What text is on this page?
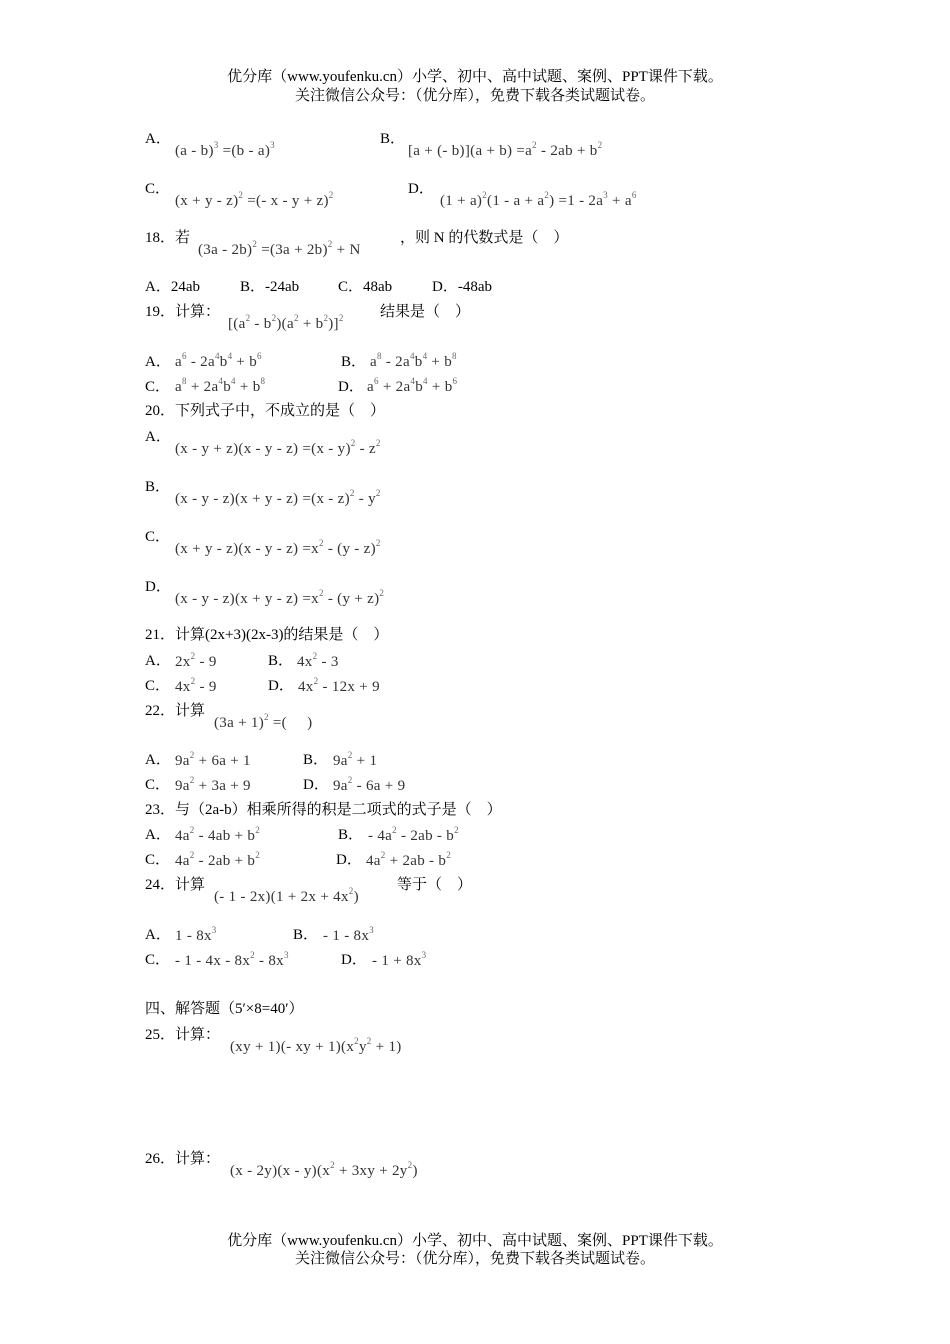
优分库（www.youfenku.cn）小学、初中、高中试题、案例、PPT课件下载。
关注微信公众号：（优分库），免费下载各类试题试卷。
A．
(a - b)$^3$ =(b - a)$^3$	B．
[a + (- $b)](a + b) =a^2 - 2ab + b^2$
C．
$(x + y - z)^2$ =(- x - y + z)$^2$	D．
$(1 + a)^2(1 - a + a^2) =1 - 2a^3 + a^6$
18．若
$(3a - 2b)^2 =(3a + 2b)^2 + N$
，则 N 的代数式是（　）
A．24ab	B．-24ab	C．48ab	D．-48ab
19．计算：
$[(a^2 - b^2)(a^2 + b^2)]^2$ 结果是（　）
A． $a^6 - 2a^4b^4 + b^6$	B． $a^8 - 2a^4b^4 + b^8$
C． $a^8 + 2a^4b^4 + b^8$	D． $a^6 + 2a^4b^4 + b^6$
20．下列式子中，不成立的是（　）
A．
$(x - y + z)(x - y - z) =(x - y)^2 - z^2$
B．
$(x - y - z)(x + y - z) =(x - z)^2 - y^2$
C．
$(x + y - z)(x - y - z) =x^2 - (y - z)^2$
D．
$(x - y - z)(x + y - z) =x^2 - (y + z)^2$
21．计算(2x+3)(2x-3)的结果是（　）
A． $2x^2 - 9$	B． $4x^2 - 3$
C． $4x^2 - 9$	D． $4x^2 - 12x + 9$
22．计算
$(3a + 1)^2$ =(     )
A． $9a^2 + 6a + 1$	B． $9a^2 + 1$
C． $9a^2 + 3a + 9$	D． $9a^2 - 6a + 9$
23．与（2a-b）相乘所得的积是二项式的式子是（　）
A． $4a^2 - 4ab + b^2$	B． - $4a^2 - 2ab - b^2$
C． $4a^2 - 2ab + b^2$	D． $4a^2 + 2ab - b^2$
24．计算
(- $1 - 2x)(1 + 2x + 4x^2)$
等于（　）
A． $1 - 8x^3$	B． - $1 - 8x^3$
C． - $1 - 4x - 8x^2 - 8x^3$	D． - $1 + 8x^3$
四、解答题（5′×8=40′）
25．计算：
(xy + 1)(- xy + $1)(x^2y^2 + 1)$
26．计算：
$(x - 2y)(x - y)(x^2 + 3xy + 2y^2)$
优分库（www.youfenku.cn）小学、初中、高中试题、案例、PPT课件下载。
关注微信公众号：（优分库），免费下载各类试题试卷。
